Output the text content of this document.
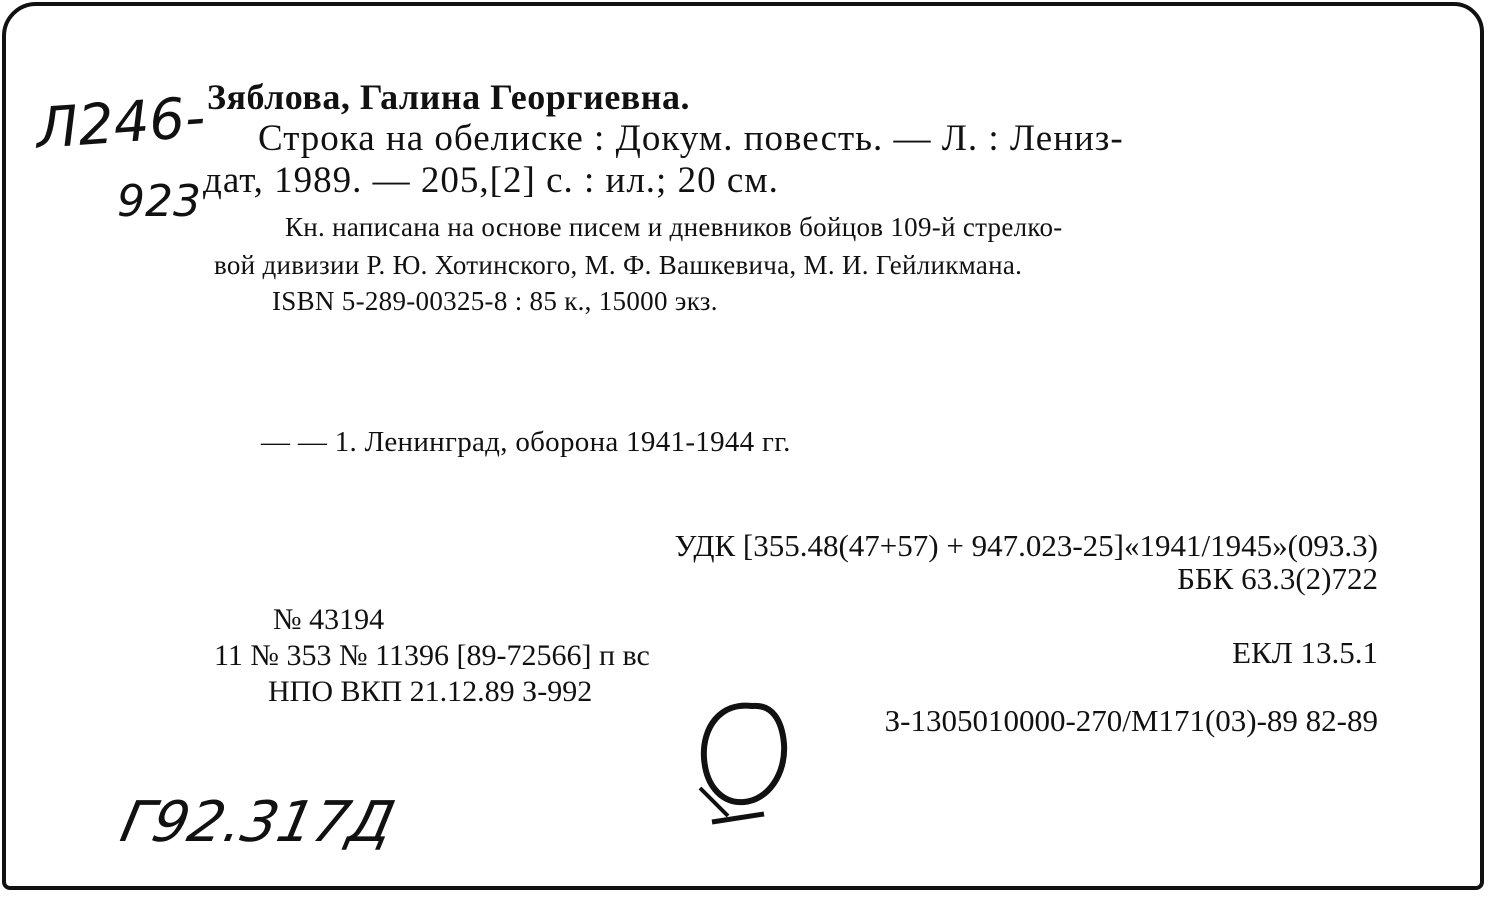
Л246-
923
Зяблова, Галина Георгиевна.
Строка на обелиске : Докум. повесть. — Л. : Лениз-
дат, 1989. — 205,[2] с. : ил.; 20 см.
Кн. написана на основе писем и дневников бойцов 109-й стрелко-
вой дивизии Р. Ю. Хотинского, М. Ф. Вашкевича, М. И. Гейликмана.
ISBN 5-289-00325-8 : 85 к., 15000 экз.
— — 1. Ленинград, оборона 1941-1944 гг.
УДК [355.48(47+57) + 947.023-25]«1941/1945»(093.3)
ББК 63.3(2)722
№ 43194
11 № 353 № 11396 [89-72566] п вс	ЕКЛ 13.5.1
НПО ВКП 21.12.89 З-992
З-1305010000-270/М171(03)-89 82-89
Г92.317Д
